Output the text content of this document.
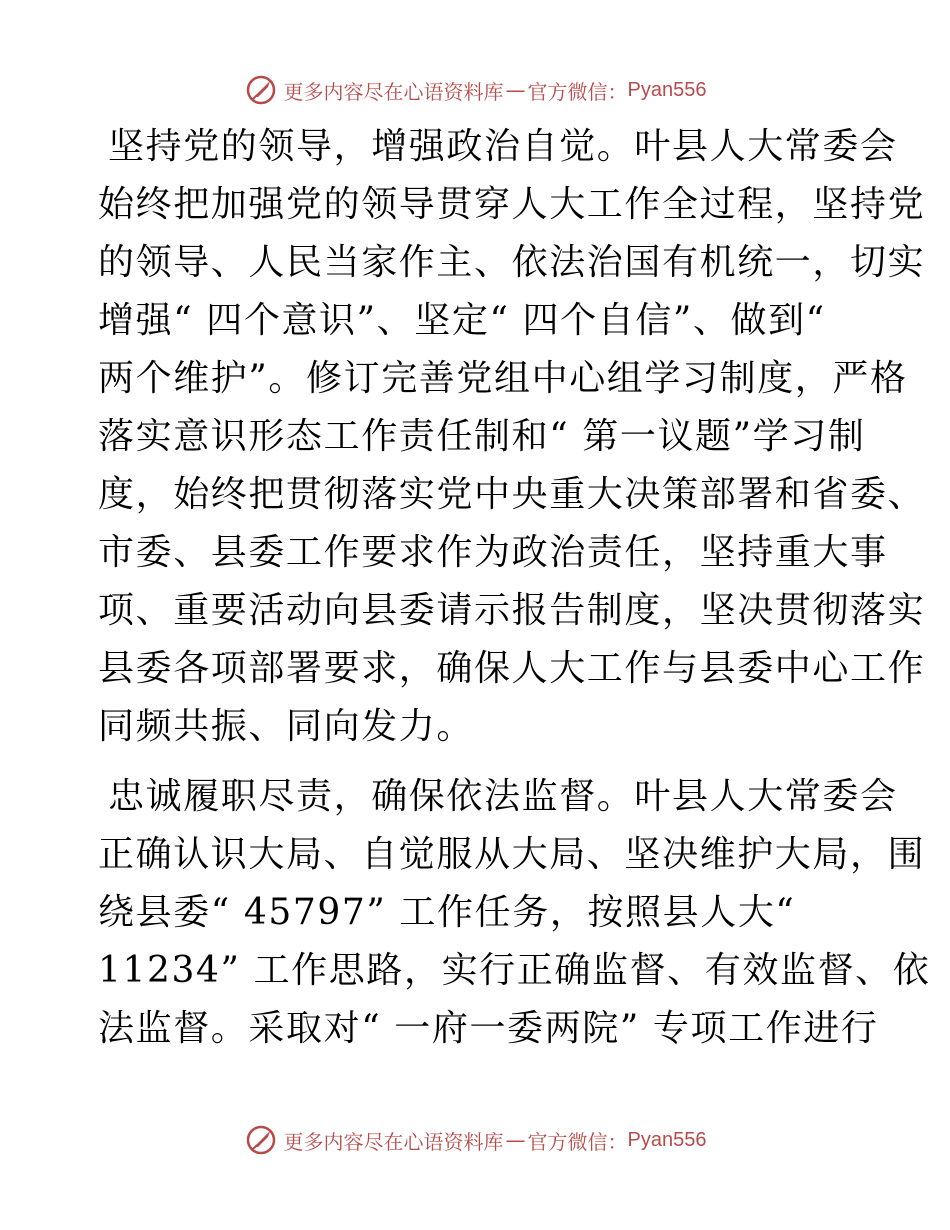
更多内容尽在心语资料库 — 官方微信： Pyan556

坚持党的领导，增强政治自觉。叶县人大常委会
始终把加强党的领导贯穿人大工作全过程，坚持党
的领导、人民当家作主、依法治国有机统一，切实
增强“ 四个意识”、坚定“ 四个自信”、做到“
两个维护”。修订完善党组中心组学习制度，严格
落实意识形态工作责任制和“ 第一议题”学习制
度，始终把贯彻落实党中央重大决策部署和省委、
市委、县委工作要求作为政治责任，坚持重大事
项、重要活动向县委请示报告制度，坚决贯彻落实
县委各项部署要求，确保人大工作与县委中心工作
同频共振、同向发力。

忠诚履职尽责，确保依法监督。叶县人大常委会
正确认识大局、自觉服从大局、坚决维护大局，围
绕县委“ 45797” 工作任务，按照县人大“
11234” 工作思路，实行正确监督、有效监督、依
法监督。采取对“ 一府一委两院” 专项工作进行

更多内容尽在心语资料库 — 官方微信： Pyan556
